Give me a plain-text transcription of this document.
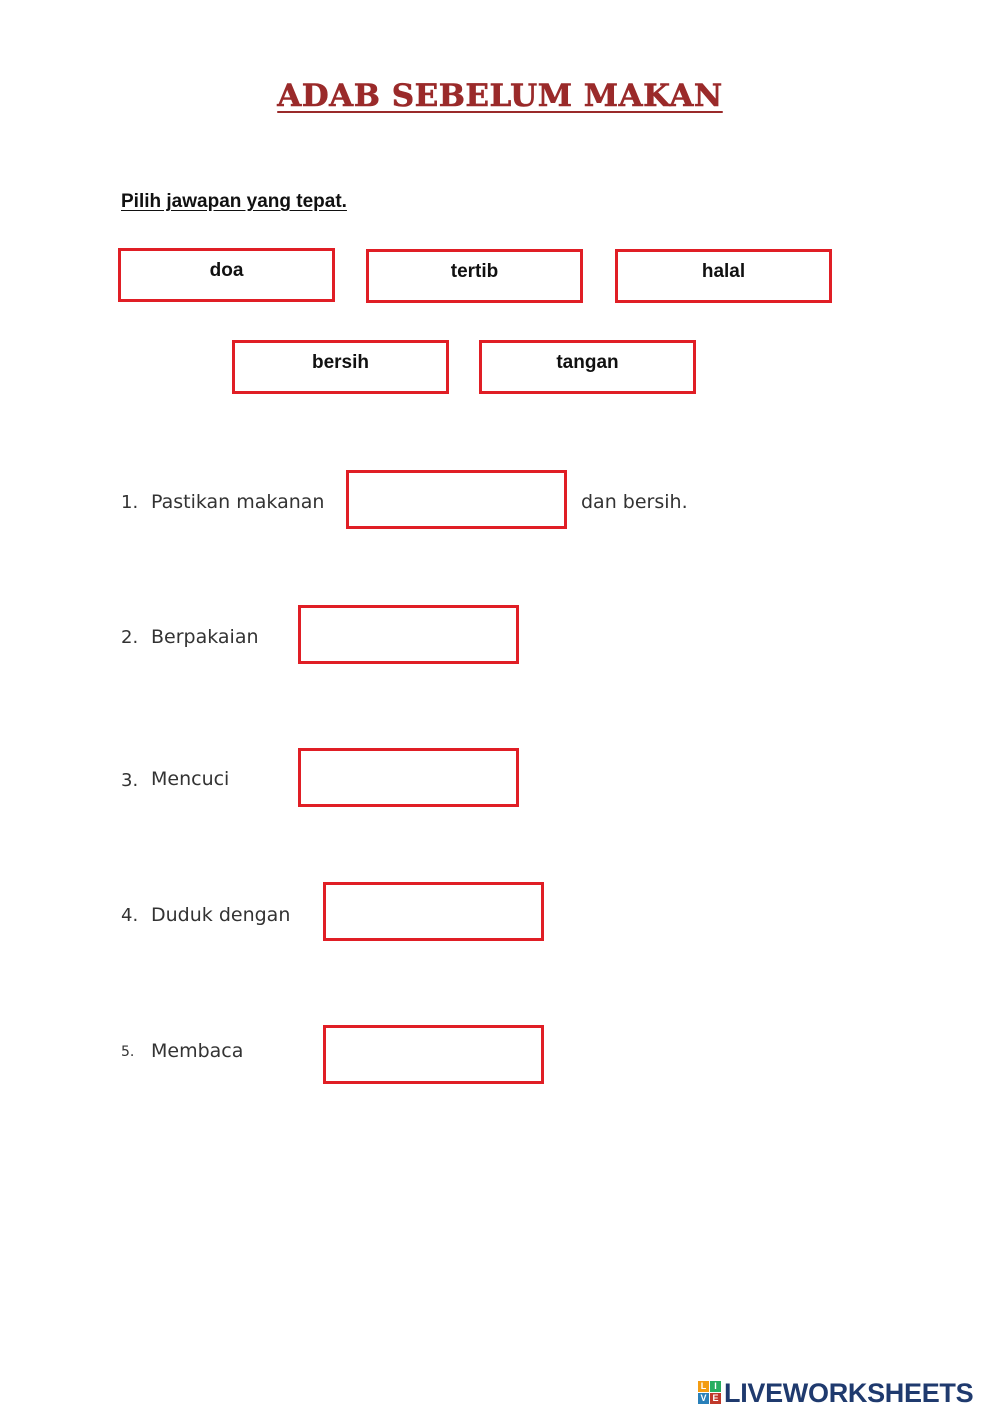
ADAB SEBELUM MAKAN
Pilih jawapan yang tepat.
doa	tertib	halal
bersih	tangan
1. Pastikan makanan	dan bersih.
2. Berpakaian
3. Mencuci
4. Duduk dengan
5. Membaca
L I
V E LIVEWORKSHEETS
